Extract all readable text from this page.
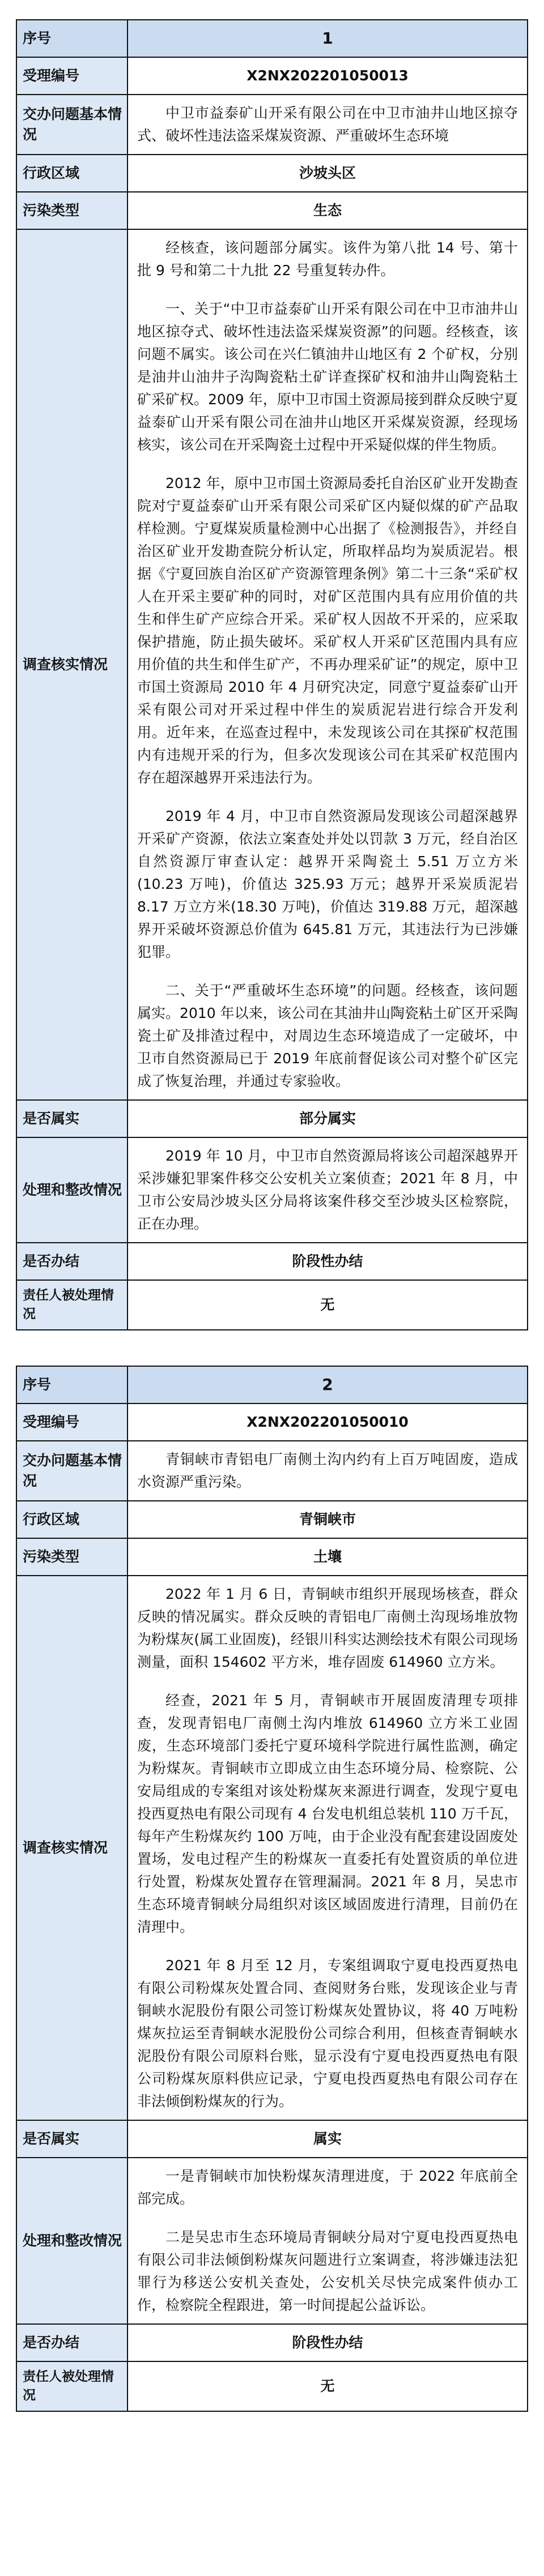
序号	1
受理编号	X2NX202201050013
交办问题基本情况	中卫市益泰矿山开采有限公司在中卫市油井山地区掠夺式、破坏性违法盗采煤炭资源、严重破坏生态环境

行政区域	沙坡头区
污染类型	生态
调查核实情况	经核查，该问题部分属实。该件为第八批 14 号、第十批 9 号和第二十九批 22 号重复转办件。

一、关于“中卫市益泰矿山开采有限公司在中卫市油井山地区掠夺式、破坏性违法盗采煤炭资源”的问题。经核查，该问题不属实。该公司在兴仁镇油井山地区有 2 个矿权，分别是油井山油井子沟陶瓷粘土矿详查探矿权和油井山陶瓷粘土矿采矿权。2009 年，原中卫市国土资源局接到群众反映宁夏益泰矿山开采有限公司在油井山地区开采煤炭资源，经现场核实，该公司在开采陶瓷土过程中开采疑似煤的伴生物质。

2012 年，原中卫市国土资源局委托自治区矿业开发勘查院对宁夏益泰矿山开采有限公司采矿区内疑似煤的矿产品取样检测。宁夏煤炭质量检测中心出据了《检测报告》，并经自治区矿业开发勘查院分析认定，所取样品均为炭质泥岩。根据《宁夏回族自治区矿产资源管理条例》第二十三条“采矿权人在开采主要矿种的同时，对矿区范围内具有应用价值的共生和伴生矿产应综合开采。采矿权人因故不开采的，应采取保护措施，防止损失破坏。采矿权人开采矿区范围内具有应用价值的共生和伴生矿产，不再办理采矿证”的规定，原中卫市国土资源局 2010 年 4 月研究决定，同意宁夏益泰矿山开采有限公司对开采过程中伴生的炭质泥岩进行综合开发利用。近年来，在巡查过程中，未发现该公司在其探矿权范围内有违规开采的行为，但多次发现该公司在其采矿权范围内存在超深越界开采违法行为。

2019 年 4 月，中卫市自然资源局发现该公司超深越界开采矿产资源，依法立案查处并处以罚款 3 万元，经自治区自然资源厅审查认定：越界开采陶瓷土 5.51 万立方米(10.23 万吨)，价值达 325.93 万元；越界开采炭质泥岩 8.17 万立方米(18.30 万吨)，价值达 319.88 万元，超深越界开采破坏资源总价值为 645.81 万元，其违法行为已涉嫌犯罪。

二、关于“严重破坏生态环境”的问题。经核查，该问题属实。2010 年以来，该公司在其油井山陶瓷粘土矿区开采陶瓷土矿及排渣过程中，对周边生态环境造成了一定破坏，中卫市自然资源局已于 2019 年底前督促该公司对整个矿区完成了恢复治理，并通过专家验收。

是否属实	部分属实
处理和整改情况	2019 年 10 月，中卫市自然资源局将该公司超深越界开采涉嫌犯罪案件移交公安机关立案侦查；2021 年 8 月，中卫市公安局沙坡头区分局将该案件移交至沙坡头区检察院，正在办理。

是否办结	阶段性办结
责任人被处理情况	无
序号	2
受理编号	X2NX202201050010
交办问题基本情况	青铜峡市青铝电厂南侧土沟内约有上百万吨固废，造成水资源严重污染。

行政区域	青铜峡市
污染类型	土壤
调查核实情况	2022 年 1 月 6 日，青铜峡市组织开展现场核查，群众反映的情况属实。群众反映的青铝电厂南侧土沟现场堆放物为粉煤灰(属工业固废)，经银川科实达测绘技术有限公司现场测量，面积 154602 平方米，堆存固废 614960 立方米。

经查，2021 年 5 月，青铜峡市开展固废清理专项排查，发现青铝电厂南侧土沟内堆放 614960 立方米工业固废，生态环境部门委托宁夏环境科学院进行属性监测，确定为粉煤灰。青铜峡市立即成立由生态环境分局、检察院、公安局组成的专案组对该处粉煤灰来源进行调查，发现宁夏电投西夏热电有限公司现有 4 台发电机组总装机 110 万千瓦，每年产生粉煤灰约 100 万吨，由于企业没有配套建设固废处置场，发电过程产生的粉煤灰一直委托有处置资质的单位进行处置，粉煤灰处置存在管理漏洞。2021 年 8 月，吴忠市生态环境青铜峡分局组织对该区域固废进行清理，目前仍在清理中。

2021 年 8 月至 12 月，专案组调取宁夏电投西夏热电有限公司粉煤灰处置合同、查阅财务台账，发现该企业与青铜峡水泥股份有限公司签订粉煤灰处置协议，将 40 万吨粉煤灰拉运至青铜峡水泥股份公司综合利用，但核查青铜峡水泥股份有限公司原料台账，显示没有宁夏电投西夏热电有限公司粉煤灰原料供应记录，宁夏电投西夏热电有限公司存在非法倾倒粉煤灰的行为。

是否属实	属实
处理和整改情况	一是青铜峡市加快粉煤灰清理进度，于 2022 年底前全部完成。

二是吴忠市生态环境局青铜峡分局对宁夏电投西夏热电有限公司非法倾倒粉煤灰问题进行立案调查，将涉嫌违法犯罪行为移送公安机关查处，公安机关尽快完成案件侦办工作，检察院全程跟进，第一时间提起公益诉讼。

是否办结	阶段性办结
责任人被处理情况	无
